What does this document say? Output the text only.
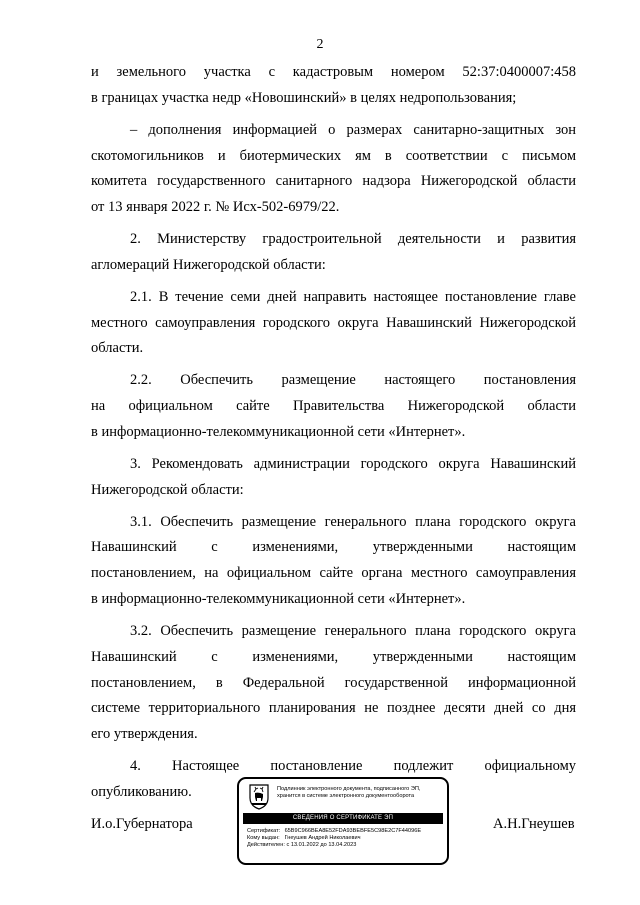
2
и земельного участка с кадастровым номером 52:37:0400007:458
в границах участка недр «Новошинский» в целях недропользования;
– дополнения информацией о размерах санитарно-защитных зон
скотомогильников и биотермических ям в соответствии с письмом
комитета государственного санитарного надзора Нижегородской области
от 13 января 2022 г. № Исх-502-6979/22.
2. Министерству градостроительной деятельности и развития
агломераций Нижегородской области:
2.1. В течение семи дней направить настоящее постановление главе
местного самоуправления городского округа Навашинский Нижегородской
области.
2.2. Обеспечить размещение настоящего постановления
на официальном сайте Правительства Нижегородской области
в информационно-телекоммуникационной сети «Интернет».
3. Рекомендовать администрации городского округа Навашинский
Нижегородской области:
3.1. Обеспечить размещение генерального плана городского округа
Навашинский с изменениями, утвержденными настоящим
постановлением, на официальном сайте органа местного самоуправления
в информационно-телекоммуникационной сети «Интернет».
3.2. Обеспечить размещение генерального плана городского округа
Навашинский с изменениями, утвержденными настоящим
постановлением, в Федеральной государственной информационной
системе территориального планирования не позднее десяти дней со дня
его утверждения.
4. Настоящее постановление подлежит официальному
опубликованию.
И.о.Губернатора
Подлинник электронного документа, подписанного ЭП, хранится в системе электронного документооборота
СВЕДЕНИЯ О СЕРТИФИКАТЕ ЭП
Сертификат: 65B9C966BEA8E52FDA93BEBFE5C98E2C7F44096E
Кому выдан: Гнеушев Андрей Николаевич
Действителен: с 13.01.2022 до 13.04.2023
А.Н.Гнеушев
